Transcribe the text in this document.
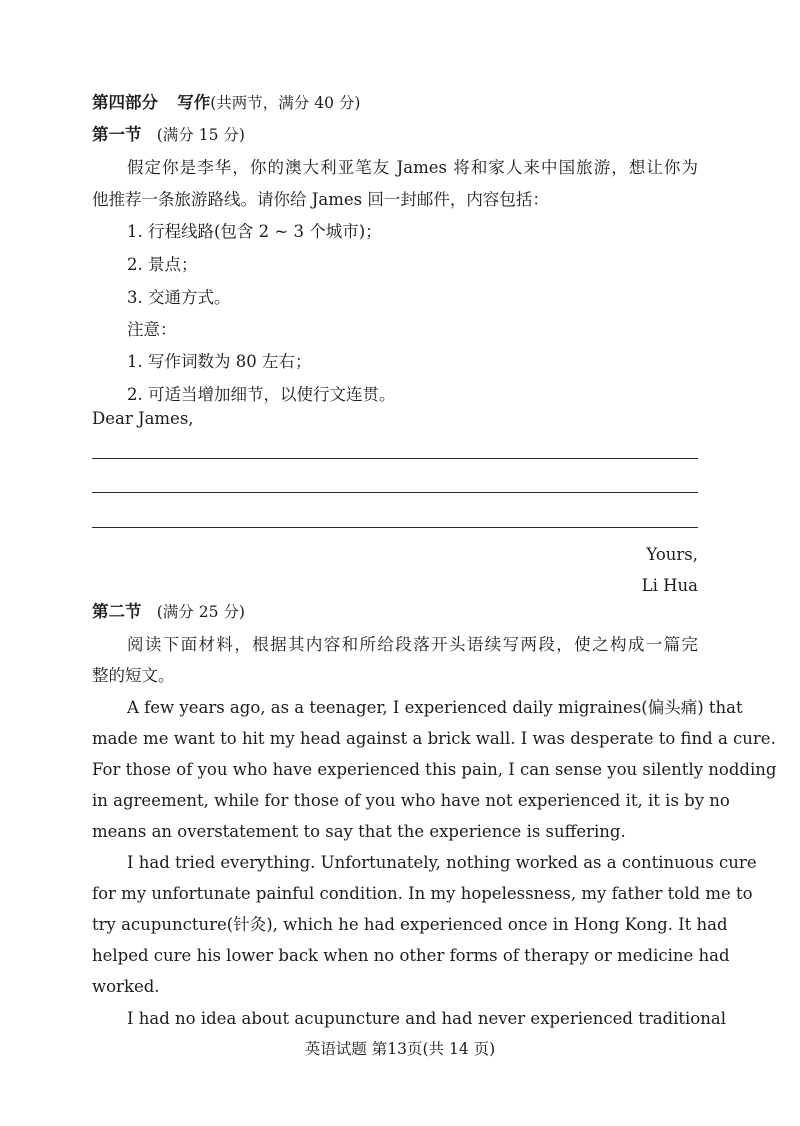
第四部分 写作(共两节，满分 40 分)
第一节 (满分 15 分)
假定你是李华，你的澳大利亚笔友 James 将和家人来中国旅游，想让你为
他推荐一条旅游路线。请你给 James 回一封邮件，内容包括：
1. 行程线路(包含 2 ~ 3 个城市)；
2. 景点；
3. 交通方式。
注意：
1. 写作词数为 80 左右；
2. 可适当增加细节，以使行文连贯。
Dear James,
Yours,
Li Hua
第二节 (满分 25 分)
阅读下面材料，根据其内容和所给段落开头语续写两段，使之构成一篇完
整的短文。
A few years ago, as a teenager, I experienced daily migraines(偏头痛) that
made me want to hit my head against a brick wall. I was desperate to find a cure.
For those of you who have experienced this pain, I can sense you silently nodding
in agreement, while for those of you who have not experienced it, it is by no
means an overstatement to say that the experience is suffering.
I had tried everything. Unfortunately, nothing worked as a continuous cure
for my unfortunate painful condition. In my hopelessness, my father told me to
try acupuncture(针灸), which he had experienced once in Hong Kong. It had
helped cure his lower back when no other forms of therapy or medicine had
worked.
I had no idea about acupuncture and had never experienced traditional
英语试题 第13页(共 14 页)
